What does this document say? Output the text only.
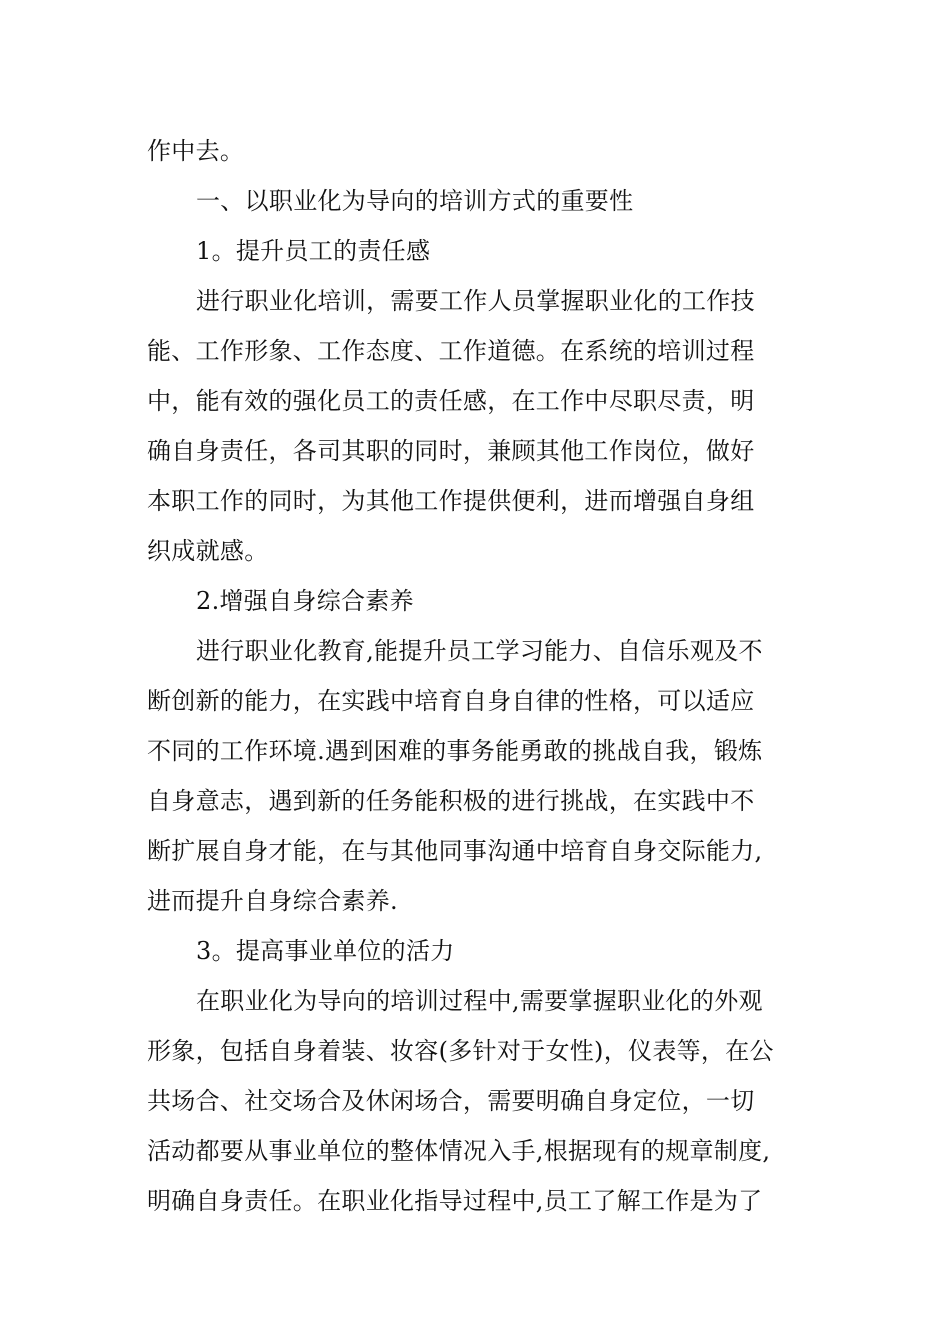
作中去。
一、以职业化为导向的培训方式的重要性
1。提升员工的责任感
进行职业化培训，需要工作人员掌握职业化的工作技
能、工作形象、工作态度、工作道德。在系统的培训过程
中，能有效的强化员工的责任感，在工作中尽职尽责，明
确自身责任，各司其职的同时，兼顾其他工作岗位，做好
本职工作的同时，为其他工作提供便利，进而增强自身组
织成就感。
2.增强自身综合素养
进行职业化教育,能提升员工学习能力、自信乐观及不
断创新的能力，在实践中培育自身自律的性格，可以适应
不同的工作环境.遇到困难的事务能勇敢的挑战自我，锻炼
自身意志，遇到新的任务能积极的进行挑战，在实践中不
断扩展自身才能，在与其他同事沟通中培育自身交际能力,
进而提升自身综合素养.
3。提高事业单位的活力
在职业化为导向的培训过程中,需要掌握职业化的外观
形象，包括自身着装、妆容(多针对于女性)，仪表等，在公
共场合、社交场合及休闲场合，需要明确自身定位，一切
活动都要从事业单位的整体情况入手,根据现有的规章制度,
明确自身责任。在职业化指导过程中,员工了解工作是为了
